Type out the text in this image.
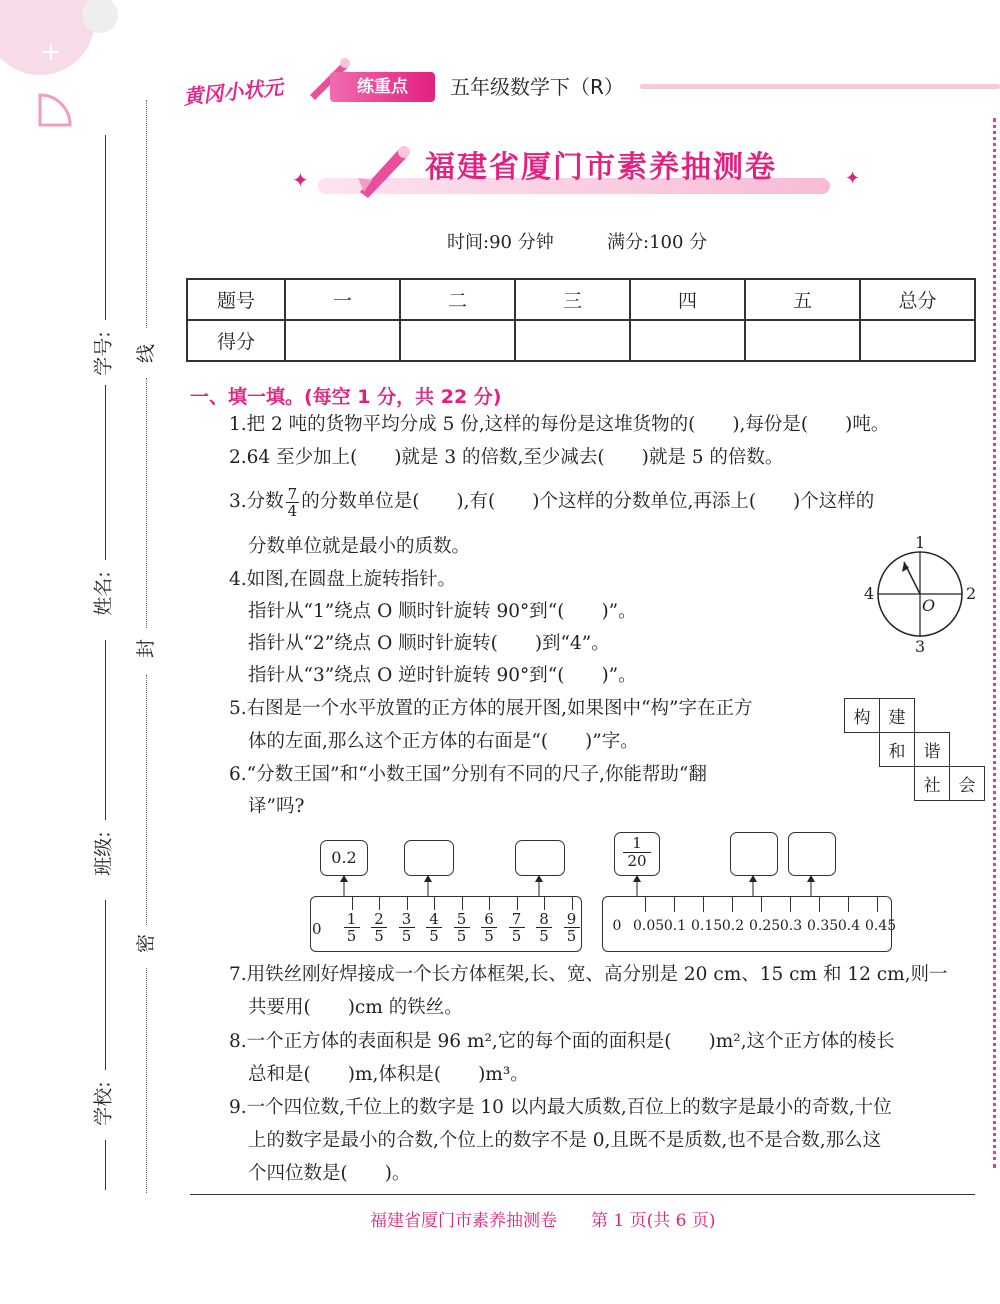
+
黄冈小状元	练重点	五年级数学下（R）
✦	✦
福建省厦门市素养抽测卷
时间:90 分钟	满分:100 分
题号	一	二	三	四	五	总分
得分						
学号:
姓名:
班级:
学校:
线
封
密
一、填一填。(每空 1 分，共 22 分)
1.把 2 吨的货物平均分成 5 份,这样的每份是这堆货物的(　　),每份是(　　)吨。
2.64 至少加上(　　)就是 3 的倍数,至少减去(　　)就是 5 的倍数。
3.分数 $\frac{7}{4}$ 的分数单位是(　　),有(　　)个这样的分数单位,再添上(　　)个这样的
分数单位就是最小的质数。
4.如图,在圆盘上旋转指针。
指针从“1”绕点 O 顺时针旋转 90°到“(　　)”。
指针从“2”绕点 O 顺时针旋转(　　)到“4”。
指针从“3”绕点 O 逆时针旋转 90°到“(　　)”。
1
2
3
4
O
5.右图是一个水平放置的正方体的展开图,如果图中“构”字在正方
体的左面,那么这个正方体的右面是“(　　)”字。
构	建		
	和	谐	
		社	会
6.“分数王国”和“小数王国”分别有不同的尺子,你能帮助“翻
译”吗?
0.2
0
1
5
2
5
3
5
4
5
5
5
6
5
7
5
8
5
9
5
$\frac{1}{20}$
0 0.05 0.1 0.15 0.2 0.25 0.3 0.35 0.4 0.45
7.用铁丝刚好焊接成一个长方体框架,长、宽、高分别是 20 cm、15 cm 和 12 cm,则一
共要用(　　)cm 的铁丝。
8.一个正方体的表面积是 96 m²,它的每个面的面积是(　　)m²,这个正方体的棱长
总和是(　　)m,体积是(　　)m³。
9.一个四位数,千位上的数字是 10 以内最大质数,百位上的数字是最小的奇数,十位
上的数字是最小的合数,个位上的数字不是 0,且既不是质数,也不是合数,那么这
个四位数是(　　)。
福建省厦门市素养抽测卷　　第 1 页(共 6 页)
